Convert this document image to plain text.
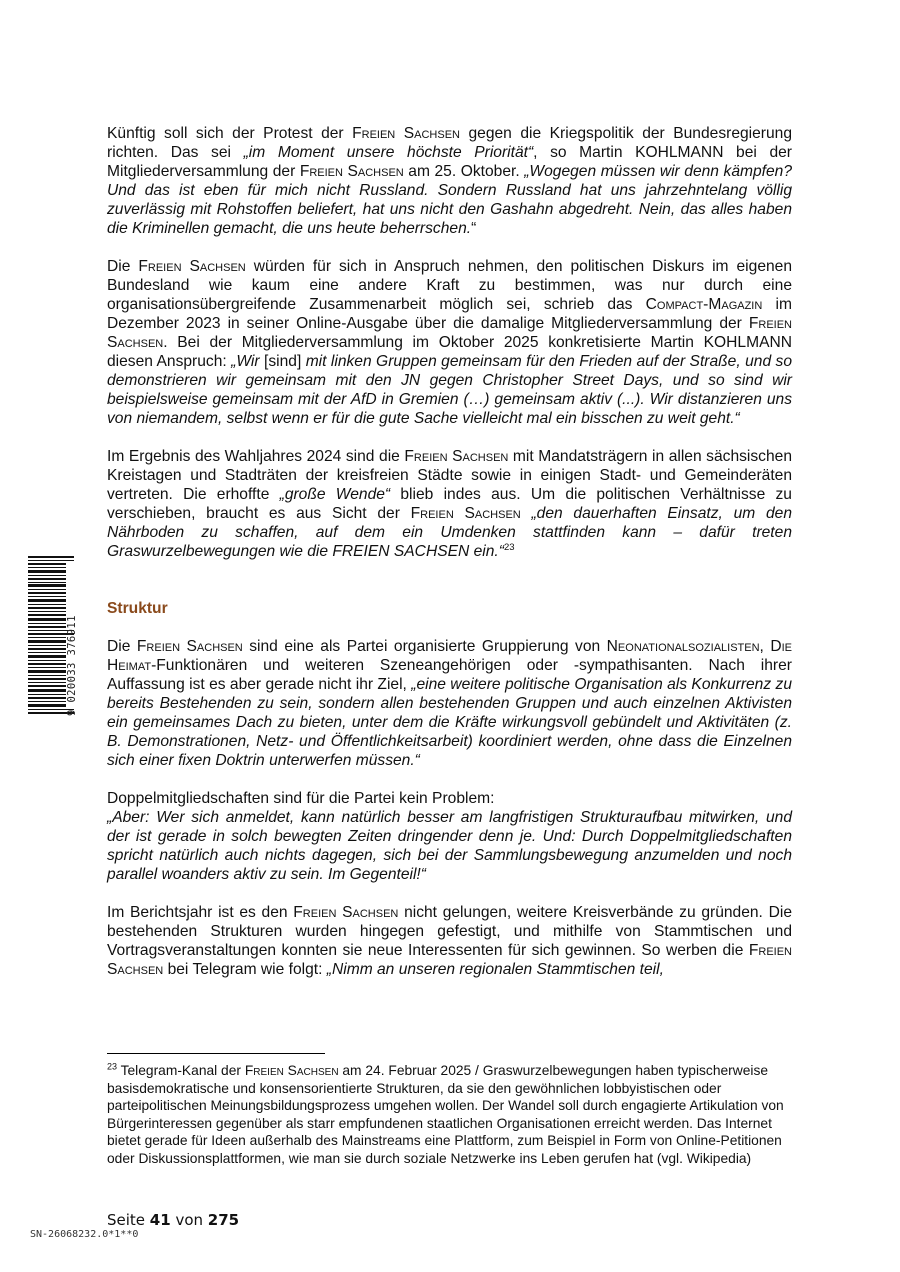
Künftig soll sich der Protest der Freien Sachsen gegen die Kriegspolitik der Bundesregierung richten. Das sei „im Moment unsere höchste Priorität“, so Martin KOHLMANN bei der Mitgliederversammlung der Freien Sachsen am 25. Oktober. „Wogegen müssen wir denn kämpfen? Und das ist eben für mich nicht Russland. Sondern Russland hat uns jahrzehntelang völlig zuverlässig mit Rohstoffen beliefert, hat uns nicht den Gashahn abgedreht. Nein, das alles haben die Kriminellen gemacht, die uns heute beherrschen.“

Die Freien Sachsen würden für sich in Anspruch nehmen, den politischen Diskurs im eigenen Bundesland wie kaum eine andere Kraft zu bestimmen, was nur durch eine organisationsübergreifende Zusammenarbeit möglich sei, schrieb das Compact-Magazin im Dezember 2023 in seiner Online-Ausgabe über die damalige Mitgliederversammlung der Freien Sachsen. Bei der Mitgliederversammlung im Oktober 2025 konkretisierte Martin KOHLMANN diesen Anspruch: „Wir [sind] mit linken Gruppen gemeinsam für den Frieden auf der Straße, und so demonstrieren wir gemeinsam mit den JN gegen Christopher Street Days, und so sind wir beispielsweise gemeinsam mit der AfD in Gremien (…) gemeinsam aktiv (...). Wir distanzieren uns von niemandem, selbst wenn er für die gute Sache vielleicht mal ein bisschen zu weit geht.“

Im Ergebnis des Wahljahres 2024 sind die Freien Sachsen mit Mandatsträgern in allen sächsischen Kreistagen und Stadträten der kreisfreien Städte sowie in einigen Stadt- und Gemeinderäten vertreten. Die erhoffte „große Wende“ blieb indes aus. Um die politischen Verhältnisse zu verschieben, braucht es aus Sicht der Freien Sachsen „den dauerhaften Einsatz, um den Nährboden zu schaffen, auf dem ein Umdenken stattfinden kann – dafür treten Graswurzelbewegungen wie die FREIEN SACHSEN ein.“$^{23}$

Struktur

Die Freien Sachsen sind eine als Partei organisierte Gruppierung von Neonationalsozialisten, Die Heimat-Funktionären und weiteren Szeneangehörigen oder -sympathisanten. Nach ihrer Auffassung ist es aber gerade nicht ihr Ziel, „eine weitere politische Organisation als Konkurrenz zu bereits Bestehenden zu sein, sondern allen bestehenden Gruppen und auch einzelnen Aktivisten ein gemeinsames Dach zu bieten, unter dem die Kräfte wirkungsvoll gebündelt und Aktivitäten (z. B. Demonstrationen, Netz- und Öffentlichkeitsarbeit) koordiniert werden, ohne dass die Einzelnen sich einer fixen Doktrin unterwerfen müssen.“

Doppelmitgliedschaften sind für die Partei kein Problem:

„Aber: Wer sich anmeldet, kann natürlich besser am langfristigen Strukturaufbau mitwirken, und der ist gerade in solch bewegten Zeiten dringender denn je. Und: Durch Doppelmitgliedschaften spricht natürlich auch nichts dagegen, sich bei der Sammlungsbewegung anzumelden und noch parallel woanders aktiv zu sein. Im Gegenteil!“

Im Berichtsjahr ist es den Freien Sachsen nicht gelungen, weitere Kreisverbände zu gründen. Die bestehenden Strukturen wurden hingegen gefestigt, und mithilfe von Stammtischen und Vortragsveranstaltungen konnten sie neue Interessenten für sich gewinnen. So werben die Freien Sachsen bei Telegram wie folgt: „Nimm an unseren regionalen Stammtischen teil,

$^{23}$ Telegram-Kanal der Freien Sachsen am 24. Februar 2025 / Graswurzelbewegungen haben typischerweise basisdemokratische und konsensorientierte Strukturen, da sie den gewöhnlichen lobbyistischen oder parteipolitischen Meinungsbildungsprozess umgehen wollen. Der Wandel soll durch engagierte Artikulation von Bürgerinteressen gegenüber als starr empfundenen staatlichen Organisationen erreicht werden. Das Internet bietet gerade für Ideen außerhalb des Mainstreams eine Plattform, zum Beispiel in Form von Online-Petitionen oder Diskussionsplattformen, wie man sie durch soziale Netzwerke ins Leben gerufen hat (vgl. Wikipedia)

Seite 41 von 275
SN-26068232.0*1**0
9 020033 376911
